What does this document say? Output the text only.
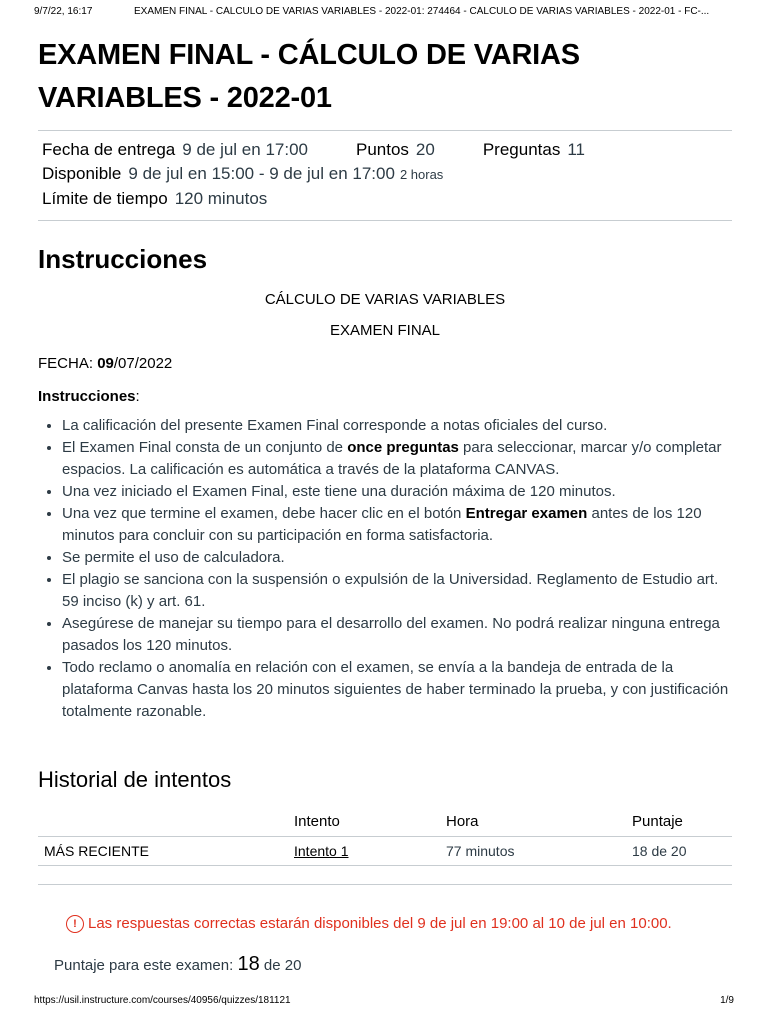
9/7/22, 16:17	EXAMEN FINAL - CÁLCULO DE VARIAS VARIABLES - 2022-01: 274464 - CÁLCULO DE VARIAS VARIABLES - 2022-01 - FC-...
EXAMEN FINAL - CÁLCULO DE VARIAS VARIABLES - 2022-01
Fecha de entrega 9 de jul en 17:00	Puntos 20	Preguntas 11
Disponible 9 de jul en 15:00 - 9 de jul en 17:00 2 horas
Límite de tiempo 120 minutos
Instrucciones
CÁLCULO DE VARIAS VARIABLES
EXAMEN FINAL
FECHA: 09/07/2022
Instrucciones:
• La calificación del presente Examen Final corresponde a notas oficiales del curso.
• El Examen Final consta de un conjunto de once preguntas para seleccionar, marcar y/o completar espacios. La calificación es automática a través de la plataforma CANVAS.
• Una vez iniciado el Examen Final, este tiene una duración máxima de 120 minutos.
• Una vez que termine el examen, debe hacer clic en el botón Entregar examen antes de los 120 minutos para concluir con su participación en forma satisfactoria.
• Se permite el uso de calculadora.
• El plagio se sanciona con la suspensión o expulsión de la Universidad. Reglamento de Estudio art. 59 inciso (k) y art. 61.
• Asegúrese de manejar su tiempo para el desarrollo del examen. No podrá realizar ninguna entrega pasados los 120 minutos.
• Todo reclamo o anomalía en relación con el examen, se envía a la bandeja de entrada de la plataforma Canvas hasta los 20 minutos siguientes de haber terminado la prueba, y con justificación totalmente razonable.
Historial de intentos
	Intento	Hora	Puntaje
MÁS RECIENTE	Intento 1	77 minutos	18 de 20
! Las respuestas correctas estarán disponibles del 9 de jul en 19:00 al 10 de jul en 10:00.
Puntaje para este examen: 18 de 20
https://usil.instructure.com/courses/40956/quizzes/181121	1/9
